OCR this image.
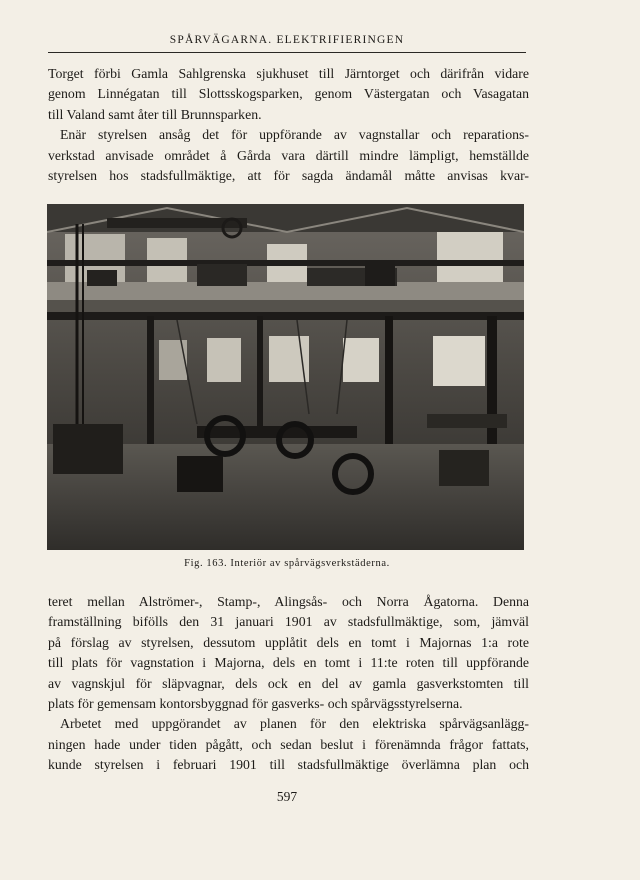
SPÅRVÄGARNA. ELEKTRIFIERINGEN

Torget förbi Gamla Sahlgrenska sjukhuset till Järntorget och därifrån vidare
genom Linnégatan till Slottsskogsparken, genom Västergatan och Vasagatan
till Valand samt åter till Brunnsparken.

Enär styrelsen ansåg det för uppförande av vagnstallar och reparations-
verkstad anvisade området å Gårda vara därtill mindre lämpligt, hemställde
styrelsen hos stadsfullmäktige, att för sagda ändamål måtte anvisas kvar-

Fig. 163. Interiör av spårvägsverkstäderna.

teret mellan Alströmer-, Stamp-, Alingsås- och Norra Ågatorna. Denna
framställning bifölls den 31 januari 1901 av stadsfullmäktige, som, jämväl
på förslag av styrelsen, dessutom upplåtit dels en tomt i Majornas 1:a rote
till plats för vagnstation i Majorna, dels en tomt i 11:te roten till uppförande
av vagnskjul för släpvagnar, dels ock en del av gamla gasverkstomten till
plats för gemensam kontorsbyggnad för gasverks- och spårvägsstyrelserna.

Arbetet med uppgörandet av planen för den elektriska spårvägsanlägg-
ningen hade under tiden pågått, och sedan beslut i förenämnda frågor fattats,
kunde styrelsen i februari 1901 till stadsfullmäktige överlämna plan och

597
